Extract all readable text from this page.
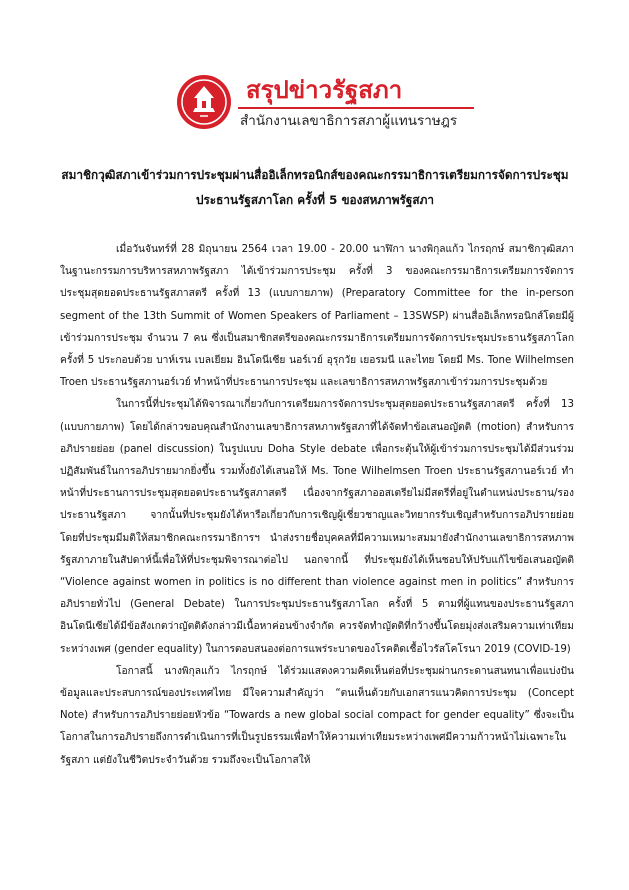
สรุปข่าวรัฐสภา
สำนักงานเลขาธิการสภาผู้แทนราษฎร
สมาชิกวุฒิสภาเข้าร่วมการประชุมผ่านสื่ออิเล็กทรอนิกส์ของคณะกรรมาธิการเตรียมการจัดการประชุม
ประธานรัฐสภาโลก ครั้งที่ 5 ของสหภาพรัฐสภา

เมื่อวันจันทร์ที่ 28 มิถุนายน 2564 เวลา 19.00 - 20.00 นาฬิกา นางพิกุลแก้ว ไกรฤกษ์ สมาชิกวุฒิสภา ในฐานะกรรมการบริหารสหภาพรัฐสภา ได้เข้าร่วมการประชุม ครั้งที่ 3 ของคณะกรรมาธิการเตรียมการจัดการประชุมสุดยอดประธานรัฐสภาสตรี ครั้งที่ 13 (แบบกายภาพ) (Preparatory Committee for the in-person segment of the 13th Summit of Women Speakers of Parliament – 13SWSP) ผ่านสื่ออิเล็กทรอนิกส์โดยมีผู้เข้าร่วมการประชุม จำนวน 7 คน ซึ่งเป็นสมาชิกสตรีของคณะกรรมาธิการเตรียมการจัดการประชุมประธานรัฐสภาโลก ครั้งที่ 5 ประกอบด้วย บาห์เรน เบลเยียม อินโดนีเซีย นอร์เวย์ อุรุกวัย เยอรมนี และไทย โดยมี Ms. Tone Wilhelmsen Troen ประธานรัฐสภานอร์เวย์ ทำหน้าที่ประธานการประชุม และเลขาธิการสหภาพรัฐสภาเข้าร่วมการประชุมด้วย

ในการนี้ที่ประชุมได้พิจารณาเกี่ยวกับการเตรียมการจัดการประชุมสุดยอดประธานรัฐสภาสตรี ครั้งที่ 13 (แบบกายภาพ) โดยได้กล่าวขอบคุณสำนักงานเลขาธิการสหภาพรัฐสภาที่ได้จัดทำข้อเสนอญัตติ (motion) สำหรับการอภิปรายย่อย (panel discussion) ในรูปแบบ Doha Style debate เพื่อกระตุ้นให้ผู้เข้าร่วมการประชุมได้มีส่วนร่วมปฏิสัมพันธ์ในการอภิปรายมากยิ่งขึ้น รวมทั้งยังได้เสนอให้ Ms. Tone Wilhelmsen Troen ประธานรัฐสภานอร์เวย์ ทำหน้าที่ประธานการประชุมสุดยอดประธานรัฐสภาสตรี เนื่องจากรัฐสภาออสเตรียไม่มีสตรีที่อยู่ในตำแหน่งประธาน/รองประธานรัฐสภา จากนั้นที่ประชุมยังได้หารือเกี่ยวกับการเชิญผู้เชี่ยวชาญและวิทยากรรับเชิญสำหรับการอภิปรายย่อย โดยที่ประชุมมีมติให้สมาชิกคณะกรรมาธิการฯ นำส่งรายชื่อบุคคลที่มีความเหมาะสมมายังสำนักงานเลขาธิการสหภาพรัฐสภาภายในสัปดาห์นี้เพื่อให้ที่ประชุมพิจารณาต่อไป นอกจากนี้ ที่ประชุมยังได้เห็นชอบให้ปรับแก้ไขข้อเสนอญัตติ “Violence against women in politics is no different than violence against men in politics” สำหรับการอภิปรายทั่วไป (General Debate) ในการประชุมประธานรัฐสภาโลก ครั้งที่ 5 ตามที่ผู้แทนของประธานรัฐสภาอินโดนีเซียได้มีข้อสังเกตว่าญัตติดังกล่าวมีเนื้อหาค่อนข้างจำกัด ควรจัดทำญัตติที่กว้างขึ้นโดยมุ่งส่งเสริมความเท่าเทียมระหว่างเพศ (gender equality) ในการตอบสนองต่อการแพร่ระบาดของโรคติดเชื้อไวรัสโคโรนา 2019 (COVID-19)

โอกาสนี้ นางพิกุลแก้ว ไกรฤกษ์ ได้ร่วมแสดงความคิดเห็นต่อที่ประชุมผ่านกระดานสนทนาเพื่อแบ่งปันข้อมูลและประสบการณ์ของประเทศไทย มีใจความสำคัญว่า “ตนเห็นด้วยกับเอกสารแนวคิดการประชุม (Concept Note) สำหรับการอภิปรายย่อยหัวข้อ “Towards a new global social compact for gender equality” ซึ่งจะเป็นโอกาสในการอภิปรายถึงการดำเนินการที่เป็นรูปธรรมเพื่อทำให้ความเท่าเทียมระหว่างเพศมีความก้าวหน้าไม่เฉพาะในรัฐสภา แต่ยังในชีวิตประจำวันด้วย รวมถึงจะเป็นโอกาสให้
